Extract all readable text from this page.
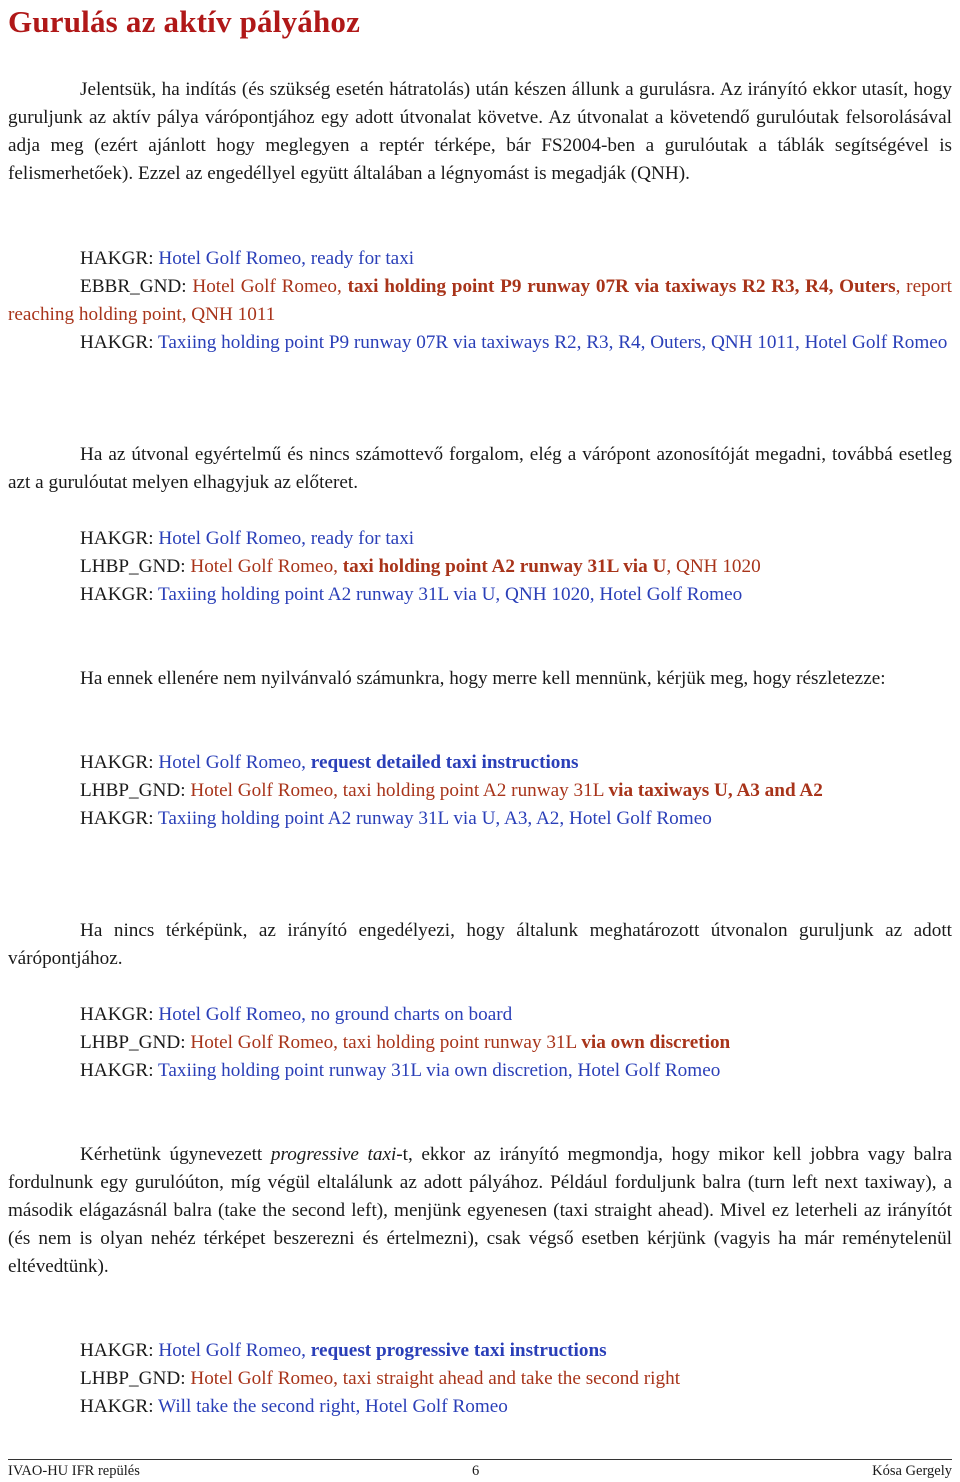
Gurulás az aktív pályához

Jelentsük, ha indítás (és szükség esetén hátratolás) után készen állunk a gurulásra. Az irányító ekkor utasít, hogy guruljunk az aktív pálya várópontjához egy adott útvonalat követve. Az útvonalat a követendő gurulóutak felsorolásával adja meg (ezért ajánlott hogy meglegyen a reptér térképe, bár FS2004-ben a gurulóutak a táblák segítségével is felismerhetőek). Ezzel az engedéllyel együtt általában a légnyomást is megadják (QNH).

HAKGR: Hotel Golf Romeo, ready for taxi
EBBR_GND: Hotel Golf Romeo, taxi holding point P9 runway 07R via taxiways R2 R3, R4, Outers, report reaching holding point, QNH 1011
HAKGR: Taxiing holding point P9 runway 07R via taxiways R2, R3, R4, Outers, QNH 1011, Hotel Golf Romeo

Ha az útvonal egyértelmű és nincs számottevő forgalom, elég a várópont azonosítóját megadni, továbbá esetleg azt a gurulóutat melyen elhagyjuk az előteret.

HAKGR: Hotel Golf Romeo, ready for taxi
LHBP_GND: Hotel Golf Romeo, taxi holding point A2 runway 31L via U, QNH 1020
HAKGR: Taxiing holding point A2 runway 31L via U, QNH 1020, Hotel Golf Romeo

Ha ennek ellenére nem nyilvánvaló számunkra, hogy merre kell mennünk, kérjük meg, hogy részletezze:

HAKGR: Hotel Golf Romeo, request detailed taxi instructions
LHBP_GND: Hotel Golf Romeo, taxi holding point A2 runway 31L via taxiways U, A3 and A2
HAKGR: Taxiing holding point A2 runway 31L via U, A3, A2, Hotel Golf Romeo

Ha nincs térképünk, az irányító engedélyezi, hogy általunk meghatározott útvonalon guruljunk az adott várópontjához.

HAKGR: Hotel Golf Romeo, no ground charts on board
LHBP_GND: Hotel Golf Romeo, taxi holding point runway 31L via own discretion
HAKGR: Taxiing holding point runway 31L via own discretion, Hotel Golf Romeo

Kérhetünk úgynevezett progressive taxi-t, ekkor az irányító megmondja, hogy mikor kell jobbra vagy balra fordulnunk egy gurulóúton, míg végül eltalálunk az adott pályához. Például forduljunk balra (turn left next taxiway), a második elágazásnál balra (take the second left), menjünk egyenesen (taxi straight ahead). Mivel ez leterheli az irányítót (és nem is olyan nehéz térképet beszerezni és értelmezni), csak végső esetben kérjünk (vagyis ha már reménytelenül eltévedtünk).

HAKGR: Hotel Golf Romeo, request progressive taxi instructions
LHBP_GND: Hotel Golf Romeo, taxi straight ahead and take the second right
HAKGR: Will take the second right, Hotel Golf Romeo
IVAO-HU IFR repülés	6	Kósa Gergely
